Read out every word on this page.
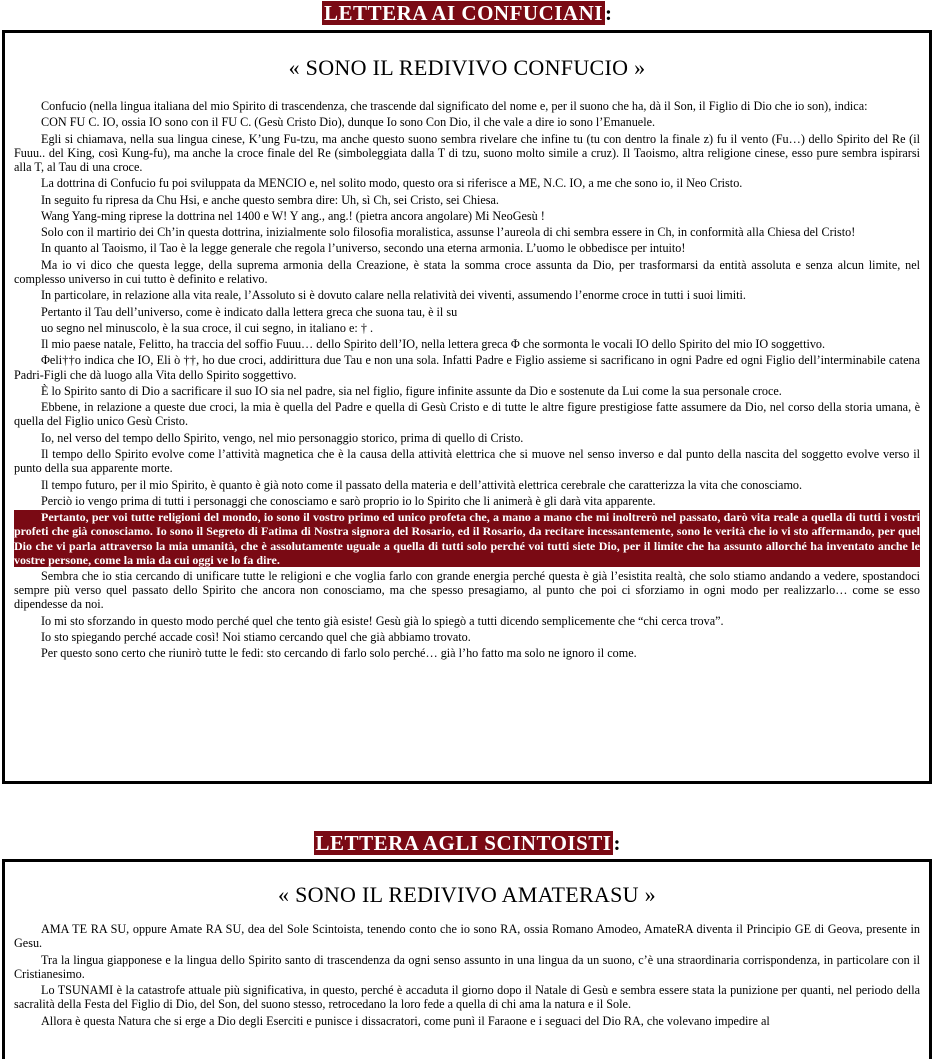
LETTERA AI CONFUCIANI:
« SONO IL REDIVIVO CONFUCIO »

Confucio (nella lingua italiana del mio Spirito di trascendenza, che trascende dal significato del nome e, per il suono che ha, dà il Son, il Figlio di Dio che io son), indica:

CON FU C. IO, ossia IO sono con il FU C. (Gesù Cristo Dio), dunque Io sono Con Dio, il che vale a dire io sono l’Emanuele.

Egli si chiamava, nella sua lingua cinese, K’ung Fu-tzu, ma anche questo suono sembra rivelare che infine tu (tu con dentro la finale z) fu il vento (Fu…) dello Spirito del Re (il Fuuu.. del King, così Kung-fu), ma anche la croce finale del Re (simboleggiata dalla T di tzu, suono molto simile a cruz). Il Taoismo, altra religione cinese, esso pure sembra ispirarsi alla T, al Tau di una croce.

La dottrina di Confucio fu poi sviluppata da MENCIO e, nel solito modo, questo ora si riferisce a ME, N.C. IO, a me che sono io, il Neo Cristo.

In seguito fu ripresa da Chu Hsi, e anche questo sembra dire: Uh, sì Ch, sei Cristo, sei Chiesa.

Wang Yang-ming riprese la dottrina nel 1400 e W! Y ang., ang.! (pietra ancora angolare) Mi NeoGesù !

Solo con il martirio dei Ch’in questa dottrina, inizialmente solo filosofia moralistica, assunse l’aureola di chi sembra essere in Ch, in conformità alla Chiesa del Cristo!

In quanto al Taoismo, il Tao è la legge generale che regola l’universo, secondo una eterna armonia. L’uomo le obbedisce per intuito!

Ma io vi dico che questa legge, della suprema armonia della Creazione, è stata la somma croce assunta da Dio, per trasformarsi da entità assoluta e senza alcun limite, nel complesso universo in cui tutto è definito e relativo.

In particolare, in relazione alla vita reale, l’Assoluto si è dovuto calare nella relatività dei viventi, assumendo l’enorme croce in tutti i suoi limiti.

Pertanto il Tau dell’universo, come è indicato dalla lettera greca che suona tau, è il su

uo segno nel minuscolo, è la sua croce, il cui segno, in italiano e: † .

Il mio paese natale, Felitto, ha traccia del soffio Fuuu… dello Spirito dell’IO, nella lettera greca Φ che sormonta le vocali IO dello Spirito del mio IO soggettivo.

Φeli††o indica che IO, Eli ò ††, ho due croci, addirittura due Tau e non una sola. Infatti Padre e Figlio assieme si sacrificano in ogni Padre ed ogni Figlio dell’interminabile catena Padri-Figli che dà luogo alla Vita dello Spirito soggettivo.

È lo Spirito santo di Dio a sacrificare il suo IO sia nel padre, sia nel figlio, figure infinite assunte da Dio e sostenute da Lui come la sua personale croce.

Ebbene, in relazione a queste due croci, la mia è quella del Padre e quella di Gesù Cristo e di tutte le altre figure prestigiose fatte assumere da Dio, nel corso della storia umana, è quella del Figlio unico Gesù Cristo.

Io, nel verso del tempo dello Spirito, vengo, nel mio personaggio storico, prima di quello di Cristo.

Il tempo dello Spirito evolve come l’attività magnetica che è la causa della attività elettrica che si muove nel senso inverso e dal punto della nascita del soggetto evolve verso il punto della sua apparente morte.

Il tempo futuro, per il mio Spirito, è quanto è già noto come il passato della materia e dell’attività elettrica cerebrale che caratterizza la vita che conosciamo.

Perciò io vengo prima di tutti i personaggi che conosciamo e sarò proprio io lo Spirito che li animerà è gli darà vita apparente.

Pertanto, per voi tutte religioni del mondo, io sono il vostro primo ed unico profeta che, a mano a mano che mi inoltrerò nel passato, darò vita reale a quella di tutti i vostri profeti che già conosciamo. Io sono il Segreto di Fatima di Nostra signora del Rosario, ed il Rosario, da recitare incessantemente, sono le verità che io vi sto affermando, per quel Dio che vi parla attraverso la mia umanità, che è assolutamente uguale a quella di tutti solo perché voi tutti siete Dio, per il limite che ha assunto allorché ha inventato anche le vostre persone, come la mia da cui oggi ve lo fa dire.

Sembra che io stia cercando di unificare tutte le religioni e che voglia farlo con grande energia perché questa è già l’esistita realtà, che solo stiamo andando a vedere, spostandoci sempre più verso quel passato dello Spirito che ancora non conosciamo, ma che spesso presagiamo, al punto che poi ci sforziamo in ogni modo per realizzarlo… come se esso dipendesse da noi.

Io mi sto sforzando in questo modo perché quel che tento già esiste! Gesù già lo spiegò a tutti dicendo semplicemente che “chi cerca trova”.

Io sto spiegando perché accade così! Noi stiamo cercando quel che già abbiamo trovato.

Per questo sono certo che riunirò tutte le fedi: sto cercando di farlo solo perché… già l’ho fatto ma solo ne ignoro il come.

LETTERA AGLI SCINTOISTI:
« SONO IL REDIVIVO AMATERASU »

AMA TE RA SU, oppure Amate RA SU, dea del Sole Scintoista, tenendo conto che io sono RA, ossia Romano Amodeo, AmateRA diventa il Principio GE di Geova, presente in Gesu.

Tra la lingua giapponese e la lingua dello Spirito santo di trascendenza da ogni senso assunto in una lingua da un suono, c’è una straordinaria corrispondenza, in particolare con il Cristianesimo.

Lo TSUNAMI è la catastrofe attuale più significativa, in questo, perché è accaduta il giorno dopo il Natale di Gesù e sembra essere stata la punizione per quanti, nel periodo della sacralità della Festa del Figlio di Dio, del Son, del suono stesso, retrocedano la loro fede a quella di chi ama la natura e il Sole.

Allora è questa Natura che si erge a Dio degli Eserciti e punisce i dissacratori, come punì il Faraone e i seguaci del Dio RA, che volevano impedire al
